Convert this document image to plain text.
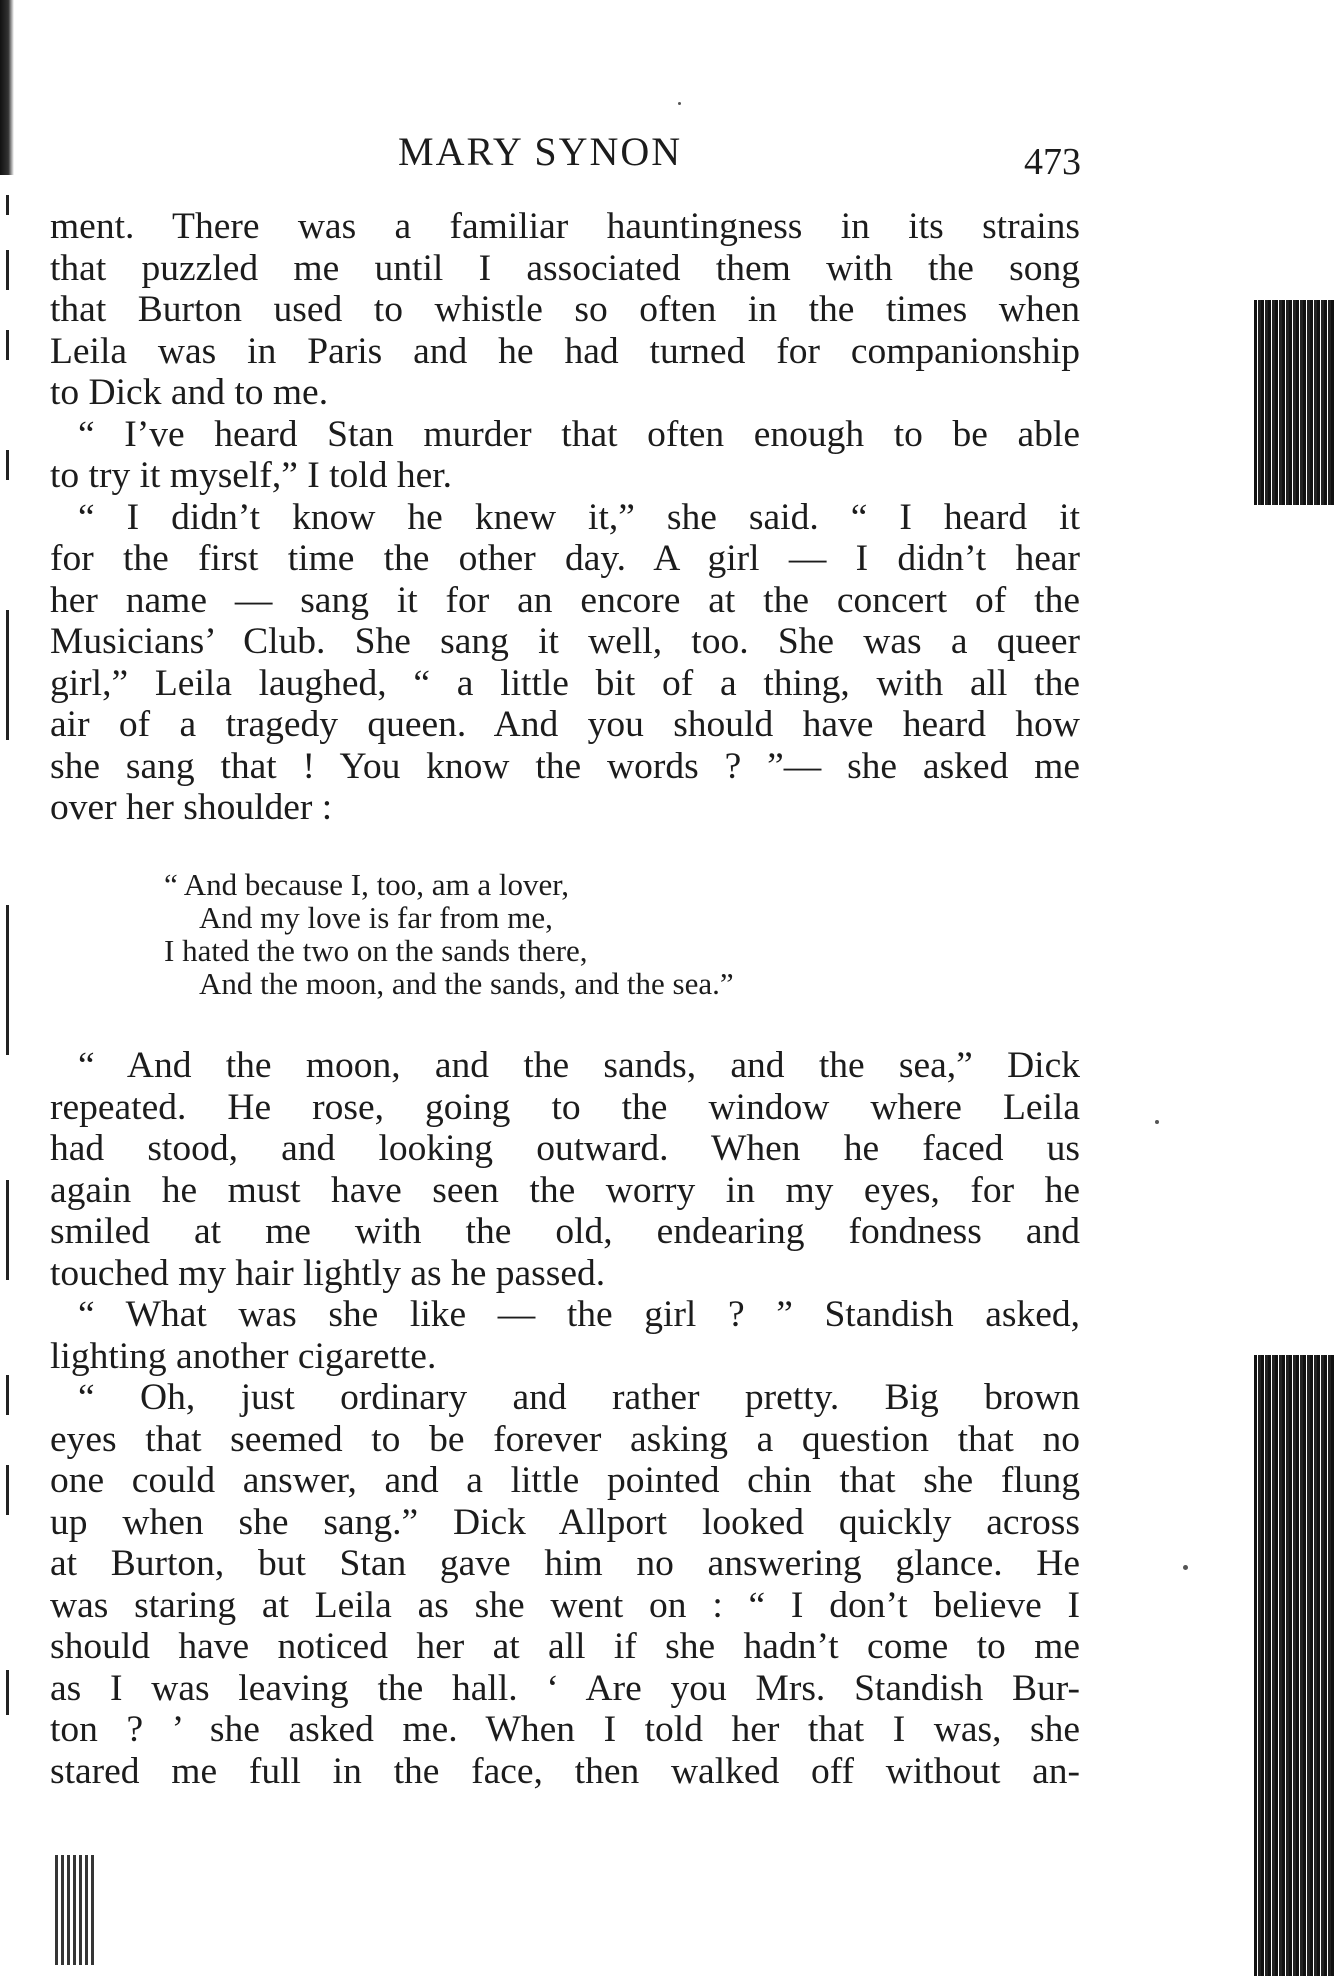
MARY SYNON	473
ment. There was a familiar hauntingness in its strains
that puzzled me until I associated them with the song
that Burton used to whistle so often in the times when
Leila was in Paris and he had turned for companionship
to Dick and to me.
“ I’ve heard Stan murder that often enough to be able
to try it myself,” I told her.
“ I didn’t know he knew it,” she said. “ I heard it
for the first time the other day. A girl — I didn’t hear
her name — sang it for an encore at the concert of the
Musicians’ Club. She sang it well, too. She was a queer
girl,” Leila laughed, “ a little bit of a thing, with all the
air of a tragedy queen. And you should have heard how
she sang that ! You know the words ? ”— she asked me
over her shoulder :
“ And because I, too, am a lover,
And my love is far from me,
I hated the two on the sands there,
And the moon, and the sands, and the sea.”
“ And the moon, and the sands, and the sea,” Dick
repeated. He rose, going to the window where Leila
had stood, and looking outward. When he faced us
again he must have seen the worry in my eyes, for he
smiled at me with the old, endearing fondness and
touched my hair lightly as he passed.
“ What was she like — the girl ? ” Standish asked,
lighting another cigarette.
“ Oh, just ordinary and rather pretty. Big brown
eyes that seemed to be forever asking a question that no
one could answer, and a little pointed chin that she flung
up when she sang.” Dick Allport looked quickly across
at Burton, but Stan gave him no answering glance. He
was staring at Leila as she went on : “ I don’t believe I
should have noticed her at all if she hadn’t come to me
as I was leaving the hall. ‘ Are you Mrs. Standish Bur-
ton ? ’ she asked me. When I told her that I was, she
stared me full in the face, then walked off without an-
